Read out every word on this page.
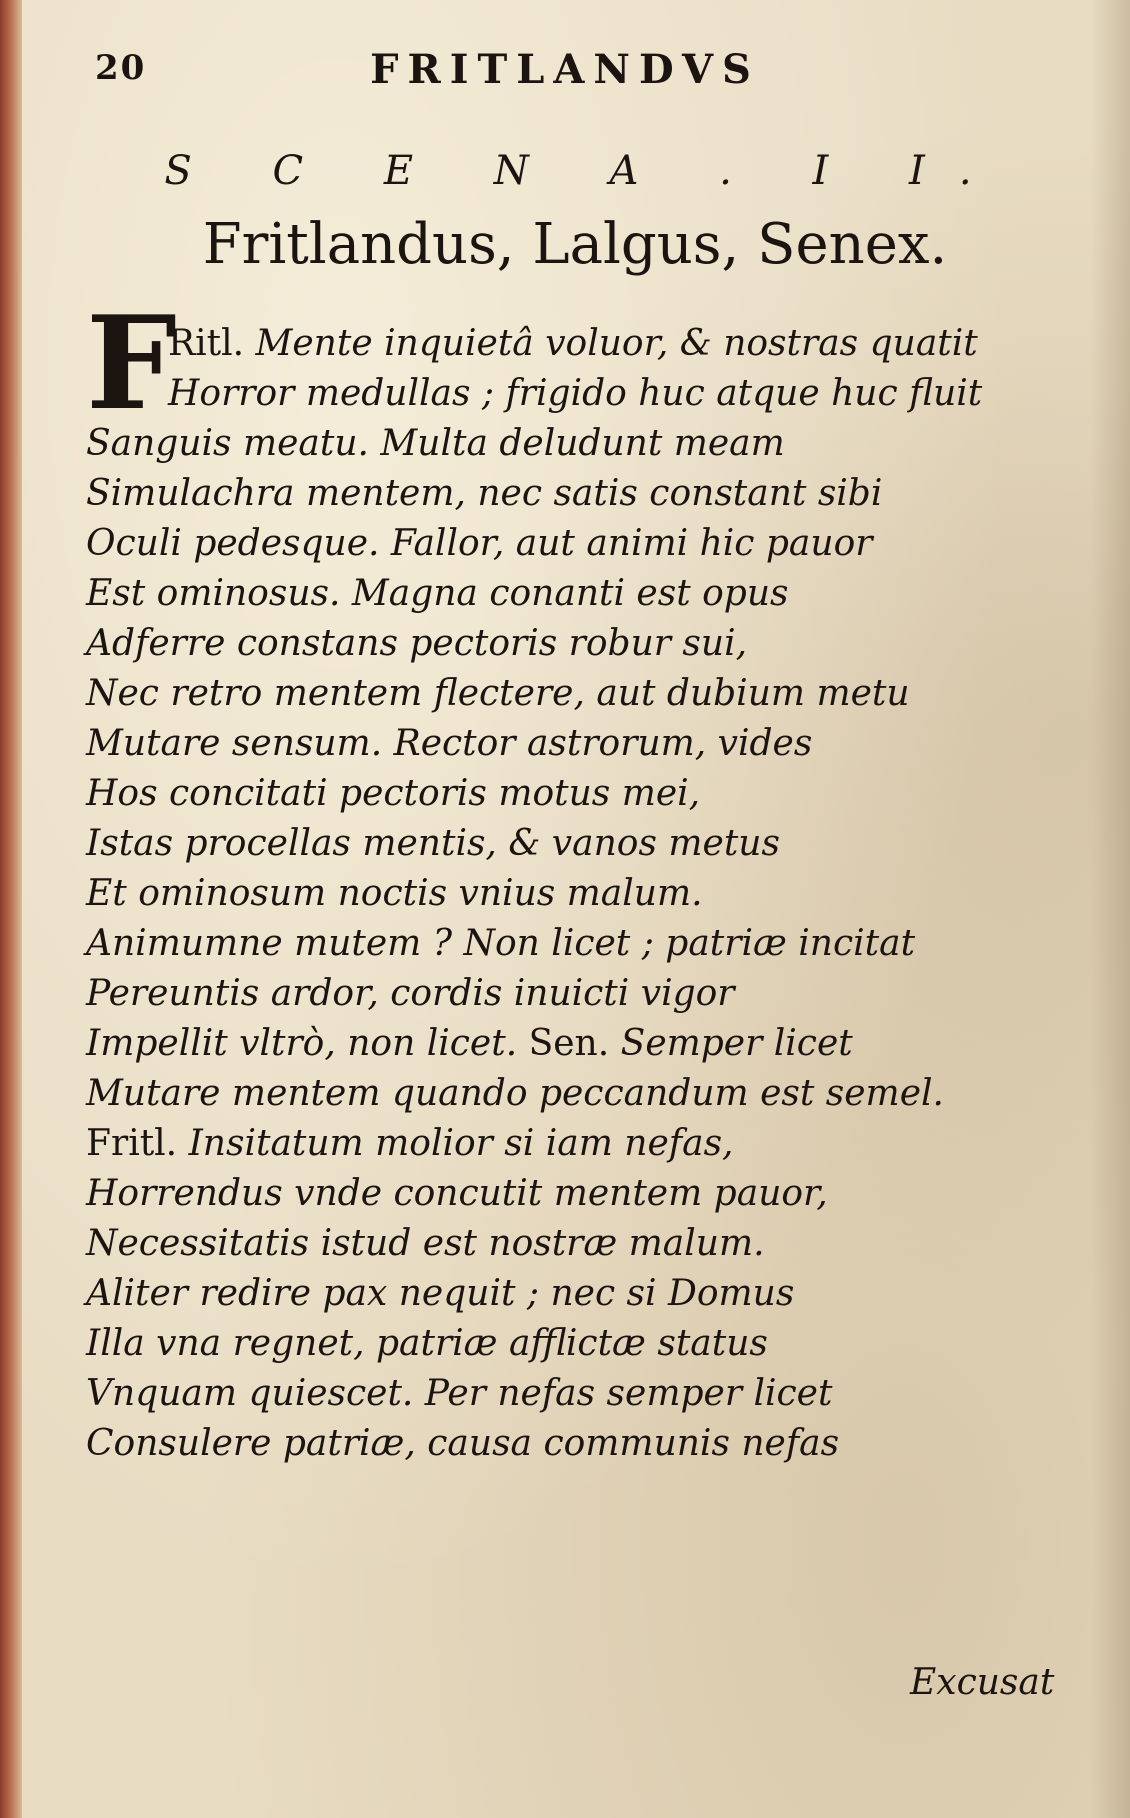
20	FRITLANDVS
S C E N A . I I.
Fritlandus, Lalgus, Senex.
F
Ritl. Mente inquietâ voluor, & nostras quatit
Horror medullas ; frigido huc atque huc fluit
Sanguis meatu. Multa deludunt meam
Simulachra mentem, nec satis constant sibi
Oculi pedesque. Fallor, aut animi hic pauor
Est ominosus. Magna conanti est opus
Adferre constans pectoris robur sui,
Nec retro mentem flectere, aut dubium metu
Mutare sensum. Rector astrorum, vides
Hos concitati pectoris motus mei,
Istas procellas mentis, & vanos metus
Et ominosum noctis vnius malum.
Animumne mutem ? Non licet ; patriæ incitat
Pereuntis ardor, cordis inuicti vigor
Impellit vltrò, non licet. Sen. Semper licet
Mutare mentem quando peccandum est semel.
Fritl. Insitatum molior si iam nefas,
Horrendus vnde concutit mentem pauor,
Necessitatis istud est nostræ malum.
Aliter redire pax nequit ; nec si Domus
Illa vna regnet, patriæ afflictæ status
Vnquam quiescet. Per nefas semper licet
Consulere patriæ, causa communis nefas
Excusat
